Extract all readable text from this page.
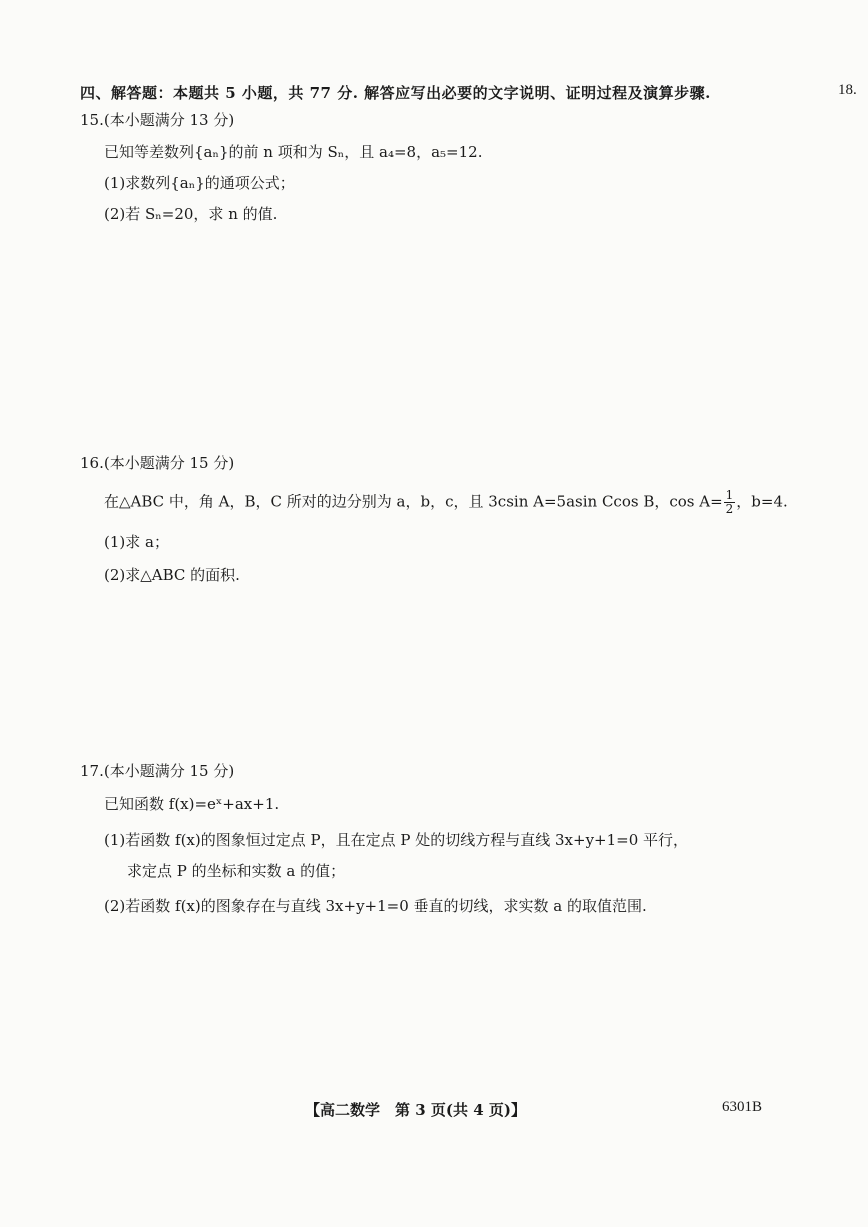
四、解答题：本题共 5 小题，共 77 分. 解答应写出必要的文字说明、证明过程及演算步骤.	18.
15.(本小题满分 13 分)
已知等差数列{aₙ}的前 n 项和为 Sₙ，且 a₄=8，a₅=12.
(1)求数列{aₙ}的通项公式；
(2)若 Sₙ=20，求 n 的值.
16.(本小题满分 15 分)
在△ABC 中，角 A，B，C 所对的边分别为 a，b，c，且 3csin A=5asin Ccos B，$\cos A= \frac{1}{2}$ ，b=4.
(1)求 a；
(2)求△ABC 的面积.
17.(本小题满分 15 分)
已知函数 f(x)=eˣ+ax+1.
(1)若函数 f(x)的图象恒过定点 P，且在定点 P 处的切线方程与直线 3x+y+1=0 平行，
求定点 P 的坐标和实数 a 的值；
(2)若函数 f(x)的图象存在与直线 3x+y+1=0 垂直的切线，求实数 a 的取值范围.
【高二数学　第 3 页(共 4 页)】	6301B
